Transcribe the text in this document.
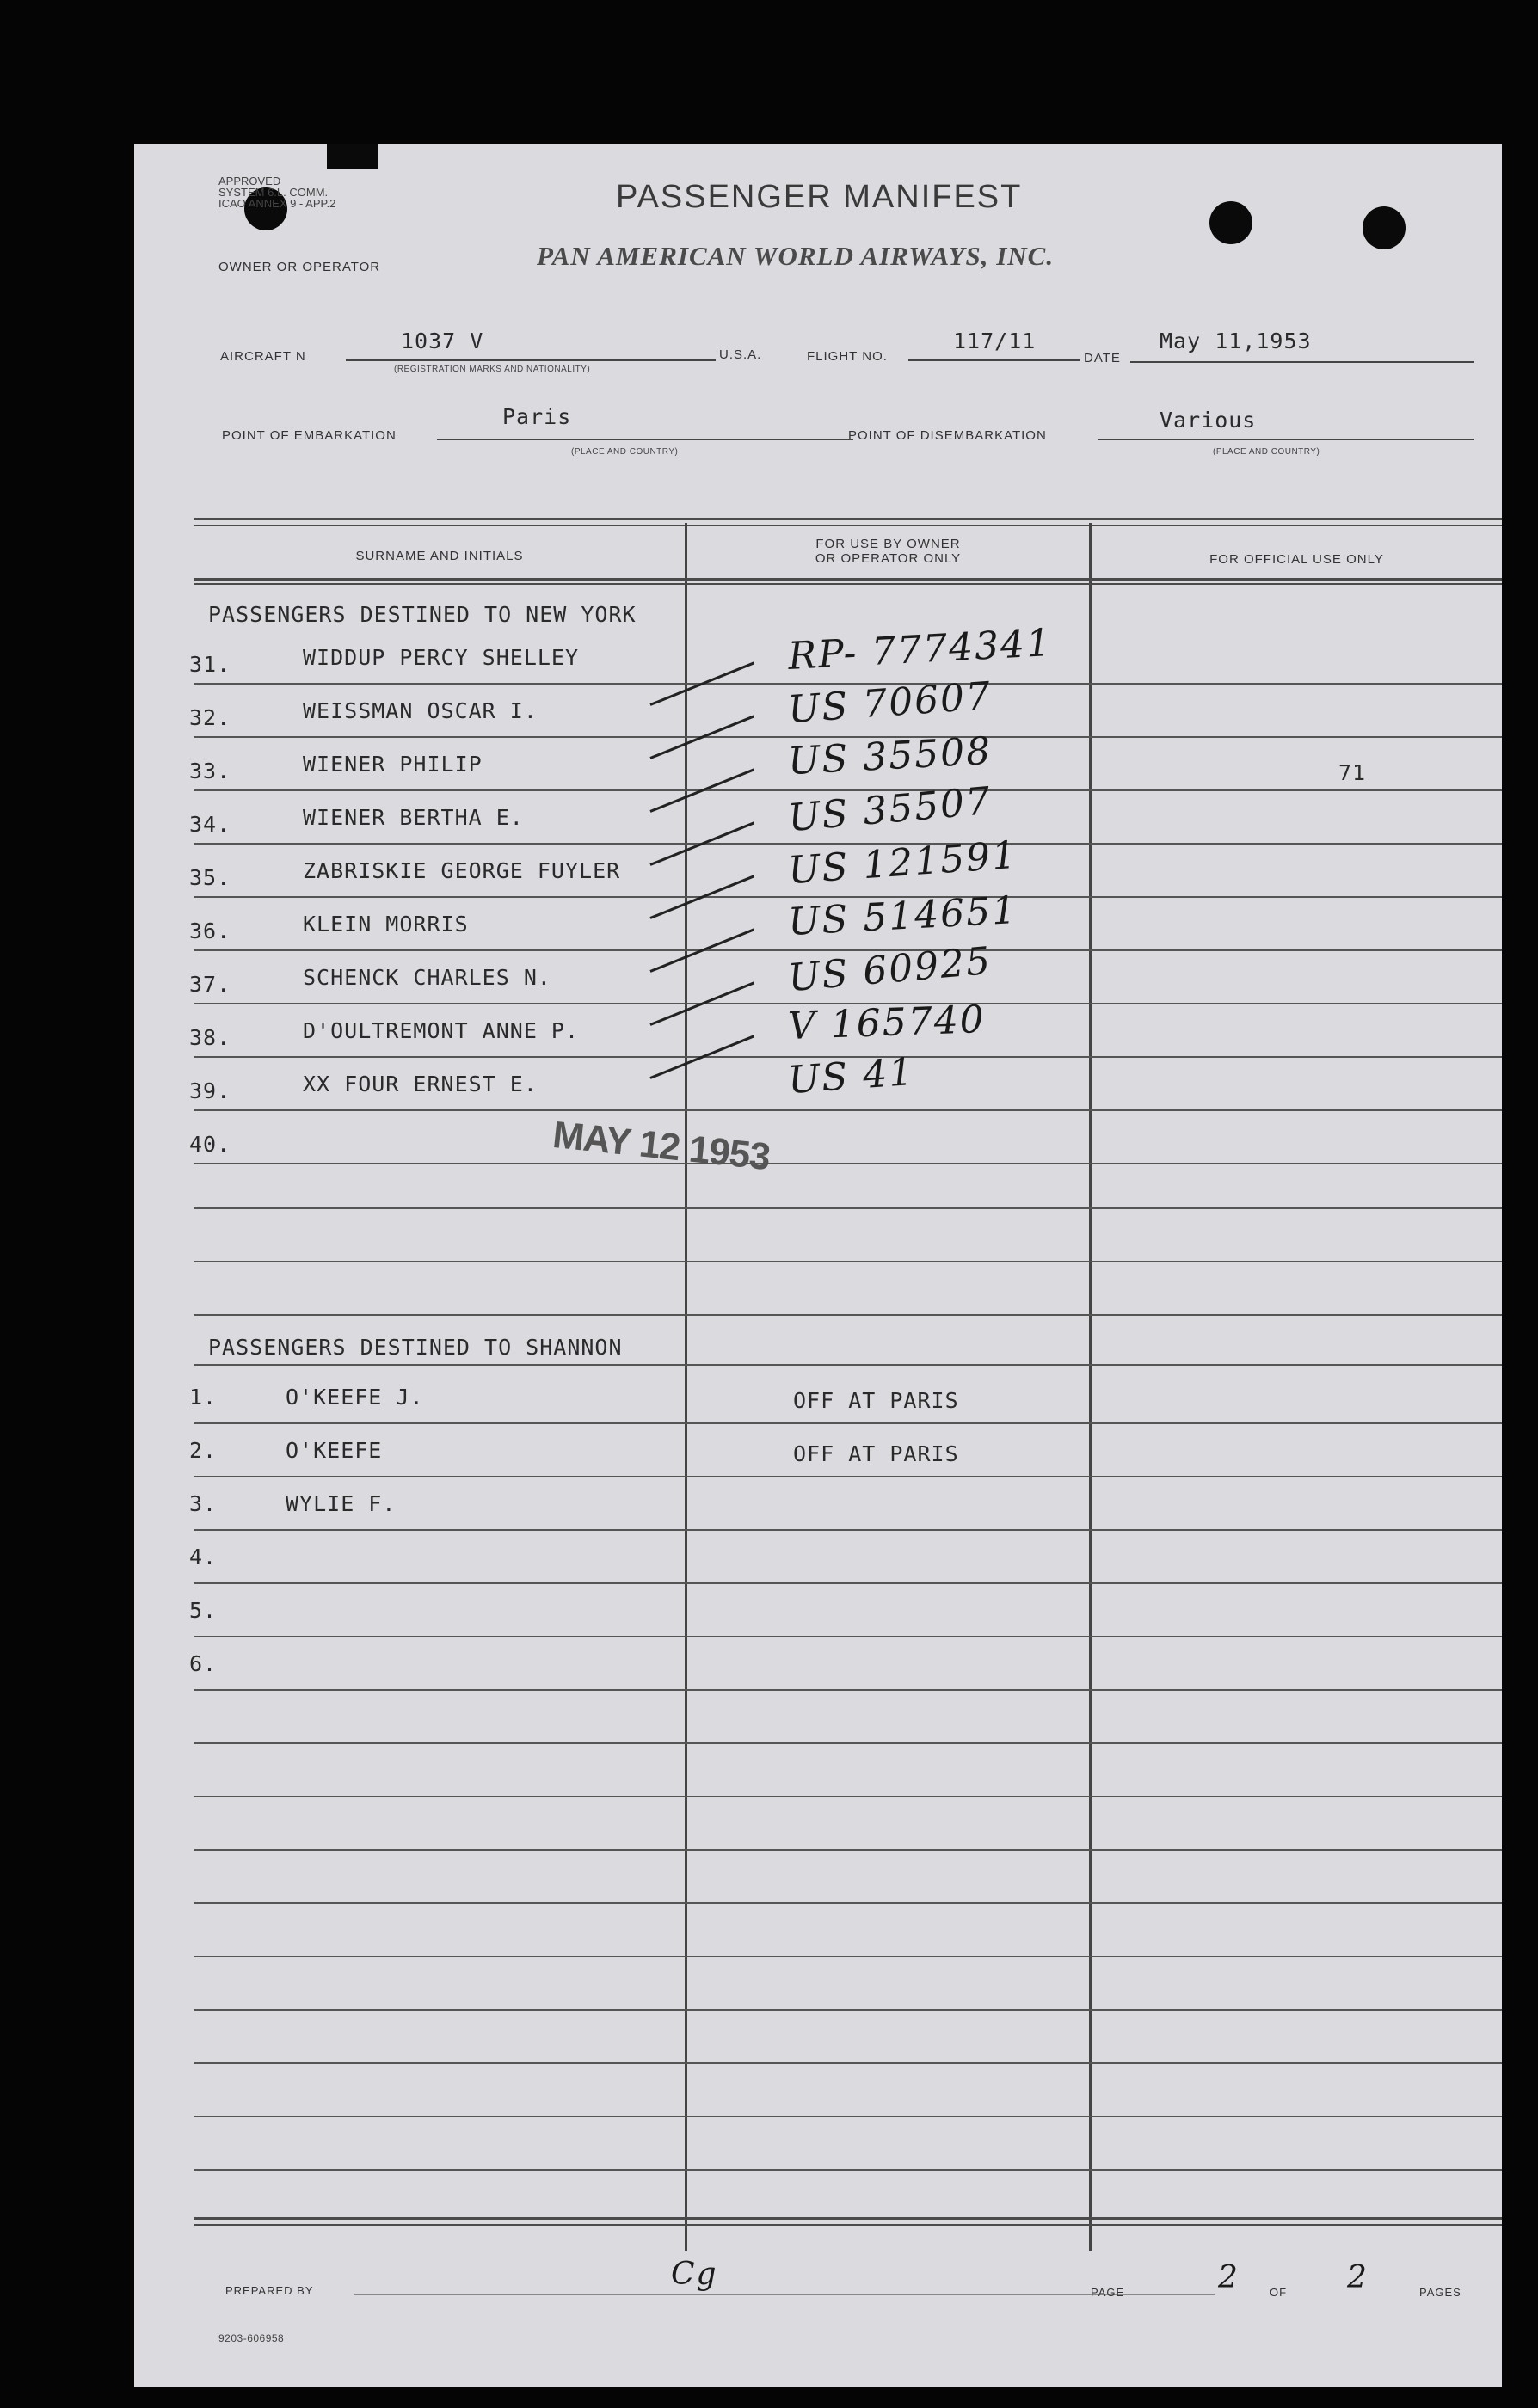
APPROVED
SYSTEM 6.L. COMM.
ICAO ANNEX 9 - APP.2	PASSENGER MANIFEST
PAN AMERICAN WORLD AIRWAYS, INC.
OWNER OR OPERATOR
AIRCRAFT N
1037 V
(REGISTRATION MARKS AND NATIONALITY)
U.S.A.	FLIGHT NO.
117/11
DATE
May 11,1953
POINT OF EMBARKATION
Paris
(PLACE AND COUNTRY)
POINT OF DISEMBARKATION
Various
(PLACE AND COUNTRY)
SURNAME AND INITIALS
FOR USE BY OWNER
OR OPERATOR ONLY	FOR OFFICIAL USE ONLY
PASSENGERS DESTINED TO NEW YORK
31.	WIDDUP PERCY SHELLEY	RP- 7774341
32.	WEISSMAN OSCAR I.	US 70607
33.	WIENER PHILIP	US 35508	71
34.	WIENER BERTHA E.	US 35507
35.	ZABRISKIE GEORGE FUYLER	US 121591
36.	KLEIN MORRIS	US 514651
37.	SCHENCK CHARLES N.	US 60925
38.	D'OULTREMONT ANNE P.	V 165740
39.	XX FOUR ERNEST E.	US 41
40.	MAY 12 1953
PASSENGERS DESTINED TO SHANNON
1.	O'KEEFE J.	OFF AT PARIS
2.	O'KEEFE	OFF AT PARIS
3.	WYLIE F.
4.
5.
6.
PREPARED BY	Cg
PAGE	2	OF 2	PAGES
9203-606958
